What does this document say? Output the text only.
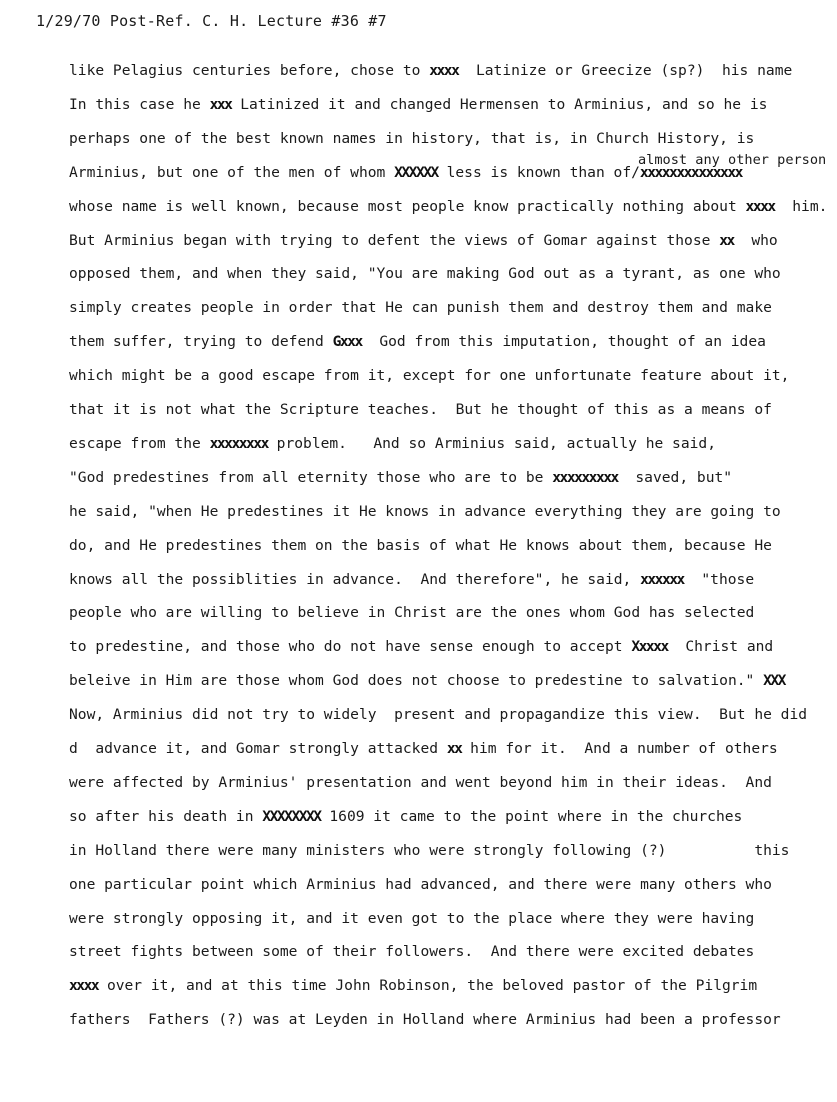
1/29/70 Post-Ref. C. H. Lecture #36 #7
almost any other person
like Pelagius centuries before, chose to xxxx  Latinize or Greecize (sp?)  his name
In this case he xxx Latinized it and changed Hermensen to Arminius, and so he is
perhaps one of the best known names in history, that is, in Church History, is
Arminius, but one of the men of whom XXXXXX less is known than of/xxxxxxxxxxxxxx
whose name is well known, because most people know practically nothing about xxxx  him.
But Arminius began with trying to defent the views of Gomar against those xx  who
opposed them, and when they said, "You are making God out as a tyrant, as one who
simply creates people in order that He can punish them and destroy them and make
them suffer, trying to defend Gxxx  God from this imputation, thought of an idea
which might be a good escape from it, except for one unfortunate feature about it,
that it is not what the Scripture teaches.  But he thought of this as a means of
escape from the xxxxxxxx problem.   And so Arminius said, actually he said,
"God predestines from all eternity those who are to be xxxxxxxxx  saved, but"
he said, "when He predestines it He knows in advance everything they are going to
do, and He predestines them on the basis of what He knows about them, because He
knows all the possiblities in advance.  And therefore", he said, xxxxxx  "those
people who are willing to believe in Christ are the ones whom God has selected
to predestine, and those who do not have sense enough to accept Xxxxx  Christ and
beleive in Him are those whom God does not choose to predestine to salvation." XXX
Now, Arminius did not try to widely  present and propagandize this view.  But he did
d  advance it, and Gomar strongly attacked xx him for it.  And a number of others
were affected by Arminius' presentation and went beyond him in their ideas.  And
so after his death in XXXXXXXX 1609 it came to the point where in the churches
in Holland there were many ministers who were strongly following (?)          this
one particular point which Arminius had advanced, and there were many others who
were strongly opposing it, and it even got to the place where they were having
street fights between some of their followers.  And there were excited debates
xxxx over it, and at this time John Robinson, the beloved pastor of the Pilgrim
fathers  Fathers (?) was at Leyden in Holland where Arminius had been a professor
